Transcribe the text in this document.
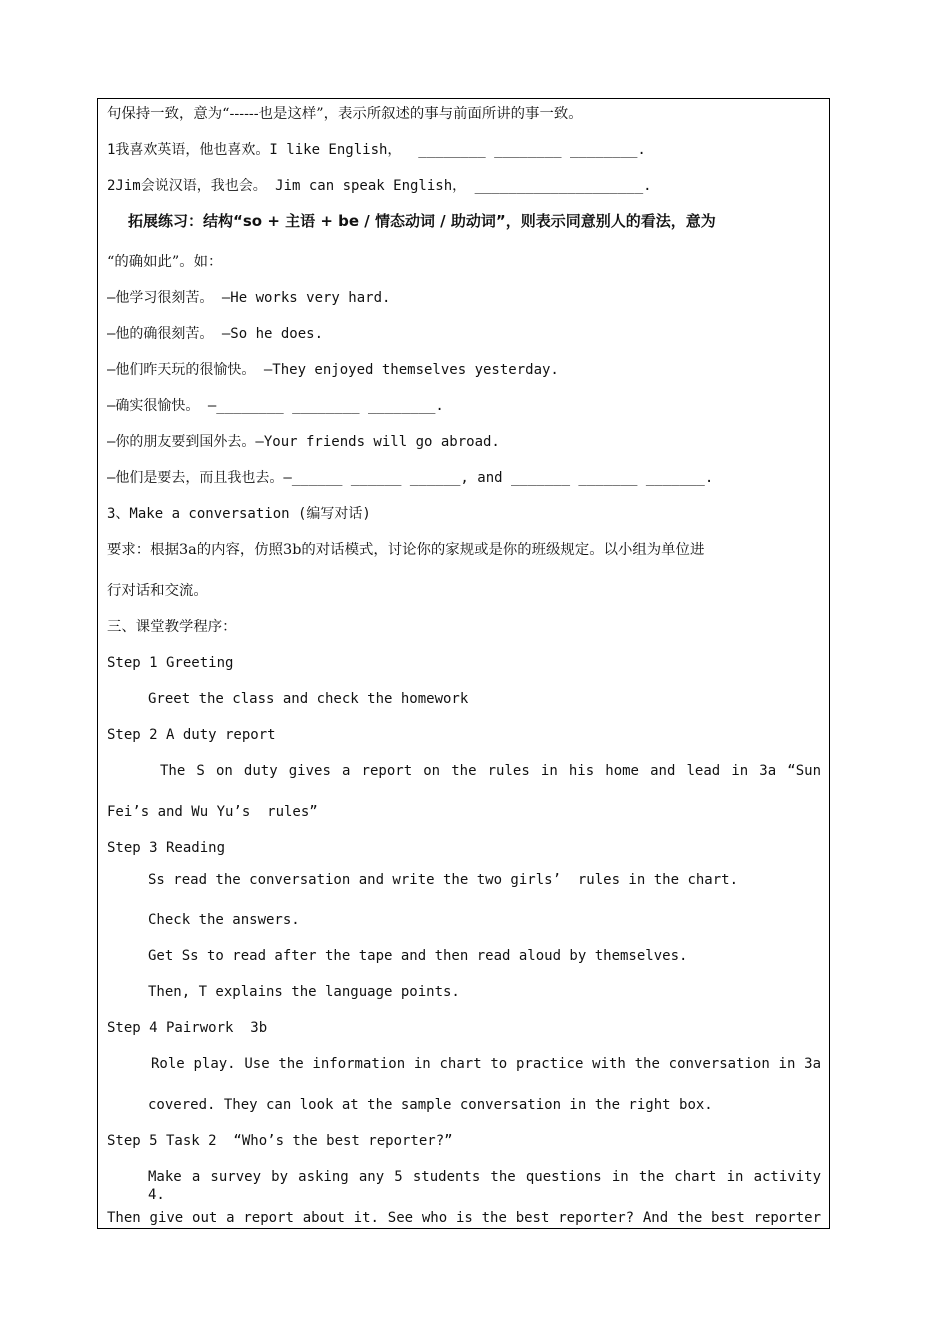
句保持一致，意为“------也是这样”，表示所叙述的事与前面所讲的事一致。
1我喜欢英语，他也喜欢。I like English，  ________ ________ ________.
2Jim会说汉语，我也会。 Jim can speak English， ____________________.
拓展练习：结构“so + 主语 + be / 情态动词 / 助动词”，则表示同意别人的看法，意为
“的确如此”。如：
—他学习很刻苦。 —He works very hard.
—他的确很刻苦。 —So he does.
—他们昨天玩的很愉快。 —They enjoyed themselves yesterday.
—确实很愉快。 —________ ________ ________.
—你的朋友要到国外去。—Your friends will go abroad.
—他们是要去，而且我也去。—______ ______ ______, and _______ _______ _______.
3、Make a conversation (编写对话)
要求：根据3a的内容，仿照3b的对话模式，讨论你的家规或是你的班级规定。以小组为单位进
行对话和交流。
三、课堂教学程序：
Step 1 Greeting
Greet the class and check the homework
Step 2 A duty report
The S on duty gives a report on the rules in his home and lead in 3a “Sun
Fei’s and Wu Yu’s  rules”
Step 3 Reading
Ss read the conversation and write the two girls’  rules in the chart.
Check the answers.
Get Ss to read after the tape and then read aloud by themselves.
Then, T explains the language points.
Step 4 Pairwork  3b
Role play. Use the information in chart to practice with the conversation in 3a
covered. They can look at the sample conversation in the right box.
Step 5 Task 2  “Who’s the best reporter?”
Make a survey by asking any 5 students the questions in the chart in activity 4.
Then give out a report about it. See who is the best reporter? And the best reporter
